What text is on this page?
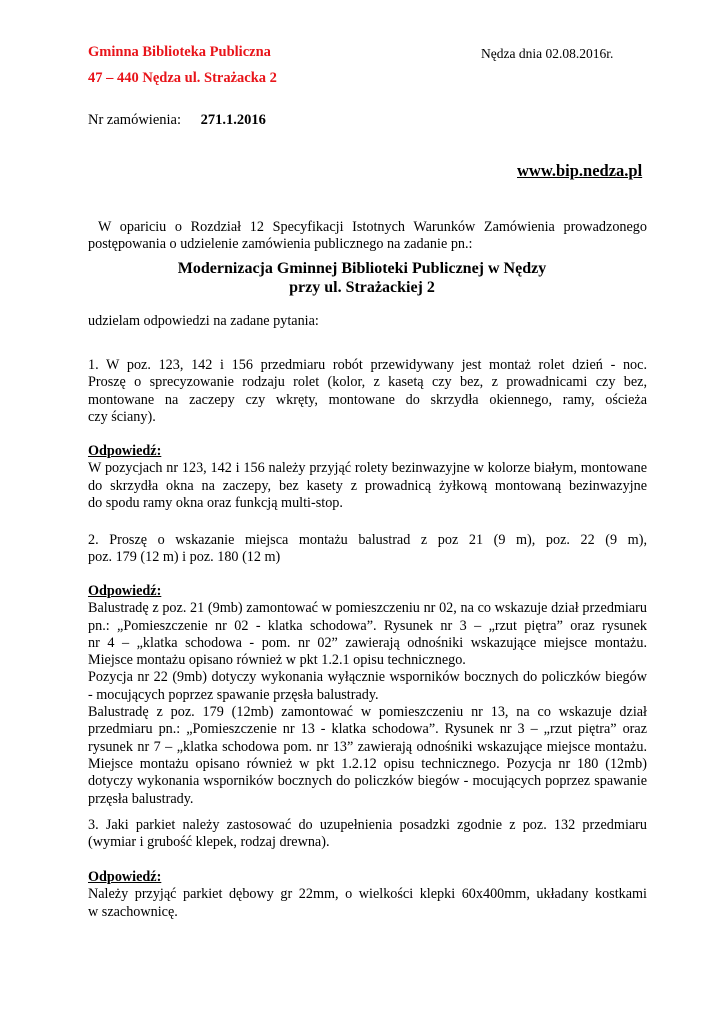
Gminna Biblioteka Publiczna	Nędza dnia 02.08.2016r.
47 – 440 Nędza ul. Strażacka 2
Nr zamówienia: 271.1.2016
www.bip.nedza.pl
W opariciu o Rozdział 12 Specyfikacji Istotnych Warunków Zamówienia prowadzonego
postępowania o udzielenie zamówienia publicznego na zadanie pn.:
Modernizacja Gminnej Biblioteki Publicznej w Nędzy
przy ul. Strażackiej 2
udzielam odpowiedzi na zadane pytania:
1. W poz. 123, 142 i 156 przedmiaru robót przewidywany jest montaż rolet dzień - noc.
Proszę o sprecyzowanie rodzaju rolet (kolor, z kasetą czy bez, z prowadnicami czy bez,
montowane na zaczepy czy wkręty, montowane do skrzydła okiennego, ramy, ościeża
czy ściany).
Odpowiedź:
W pozycjach nr 123, 142 i 156 należy przyjąć rolety bezinwazyjne w kolorze białym, montowane
do skrzydła okna na zaczepy, bez kasety z prowadnicą żyłkową montowaną bezinwazyjne
do spodu ramy okna oraz funkcją multi-stop.
2. Proszę o wskazanie miejsca montażu balustrad z poz 21 (9 m), poz. 22 (9 m),
poz. 179 (12 m) i poz. 180 (12 m)
Odpowiedź:
Balustradę z poz. 21 (9mb) zamontować w pomieszczeniu nr 02, na co wskazuje dział przedmiaru
pn.: „Pomieszczenie nr 02 - klatka schodowa”. Rysunek nr 3 – „rzut piętra” oraz rysunek
nr 4 – „klatka schodowa - pom. nr 02” zawierają odnośniki wskazujące miejsce montażu.
Miejsce montażu opisano również w pkt 1.2.1 opisu technicznego.
Pozycja nr 22 (9mb) dotyczy wykonania wyłącznie wsporników bocznych do policzków biegów
- mocujących poprzez spawanie przęsła balustrady.
Balustradę z poz. 179 (12mb) zamontować w pomieszczeniu nr 13, na co wskazuje dział
przedmiaru pn.: „Pomieszczenie nr 13 - klatka schodowa”. Rysunek nr 3 – „rzut piętra” oraz
rysunek nr 7 – „klatka schodowa pom. nr 13” zawierają odnośniki wskazujące miejsce montażu.
Miejsce montażu opisano również w pkt 1.2.12 opisu technicznego. Pozycja nr 180 (12mb)
dotyczy wykonania wsporników bocznych do policzków biegów - mocujących poprzez spawanie
przęsła balustrady.
3. Jaki parkiet należy zastosować do uzupełnienia posadzki zgodnie z poz. 132 przedmiaru
(wymiar i grubość klepek, rodzaj drewna).
Odpowiedź:
Należy przyjąć parkiet dębowy gr 22mm, o wielkości klepki 60x400mm, układany kostkami
w szachownicę.
